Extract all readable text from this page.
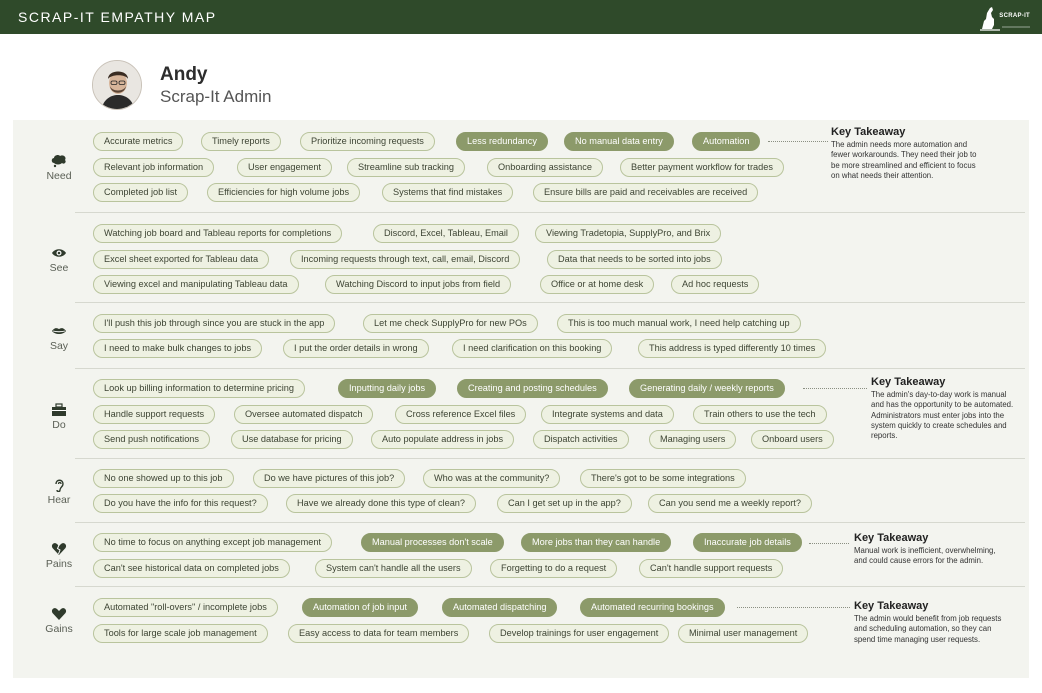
SCRAP-IT EMPATHY MAP	SCRAP-IT
Andy
Scrap-It Admin
Need
See
Say
Do
Hear
Pains
Gains
Accurate metrics	Timely reports	Prioritize incoming requests	Less redundancy	No manual data entry	Automation
Relevant job information	User engagement	Streamline sub tracking	Onboarding assistance	Better payment workflow for trades
Completed job list	Efficiencies for high volume jobs	Systems that find mistakes	Ensure bills are paid and receivables are received
Key Takeaway
The admin needs more automation and fewer workarounds. They need their job to be more streamlined and efficient to focus on what needs their attention.
Watching job board and Tableau reports for completions	Discord, Excel, Tableau, Email	Viewing Tradetopia, SupplyPro, and Brix
Excel sheet exported for Tableau data	Incoming requests through text, call, email, Discord	Data that needs to be sorted into jobs
Viewing excel and manipulating Tableau data	Watching Discord to input jobs from field	Office or at home desk	Ad hoc requests
I'll push this job through since you are stuck in the app	Let me check SupplyPro for new POs	This is too much manual work, I need help catching up
I need to make bulk changes to jobs	I put the order details in wrong	I need clarification on this booking	This address is typed differently 10 times
Look up billing information to determine pricing	Inputting daily jobs	Creating and posting schedules	Generating daily / weekly reports
Handle support requests	Oversee automated dispatch	Cross reference Excel files	Integrate systems and data	Train others to use the tech
Send push notifications	Use database for pricing	Auto populate address in jobs	Dispatch activities	Managing users	Onboard users
Key Takeaway
The admin's day-to-day work is manual and has the opportunity to be automated. Administrators must enter jobs into the system quickly to create schedules and reports.
No one showed up to this job	Do we have pictures of this job?	Who was at the community?	There's got to be some integrations
Do you have the info for this request?	Have we already done this type of clean?	Can I get set up in the app?	Can you send me a weekly report?
No time to focus on anything except job management	Manual processes don't scale	More jobs than they can handle	Inaccurate job details
Can't see historical data on completed jobs	System can't handle all the users	Forgetting to do a request	Can't handle support requests
Key Takeaway
Manual work is inefficient, overwhelming, and could cause errors for the admin.
Automated "roll-overs" / incomplete jobs	Automation of job input	Automated dispatching	Automated recurring bookings
Tools for large scale job management	Easy access to data for team members	Develop trainings for user engagement	Minimal user management
Key Takeaway
The admin would benefit from job requests and scheduling automation, so they can spend time managing user requests.
